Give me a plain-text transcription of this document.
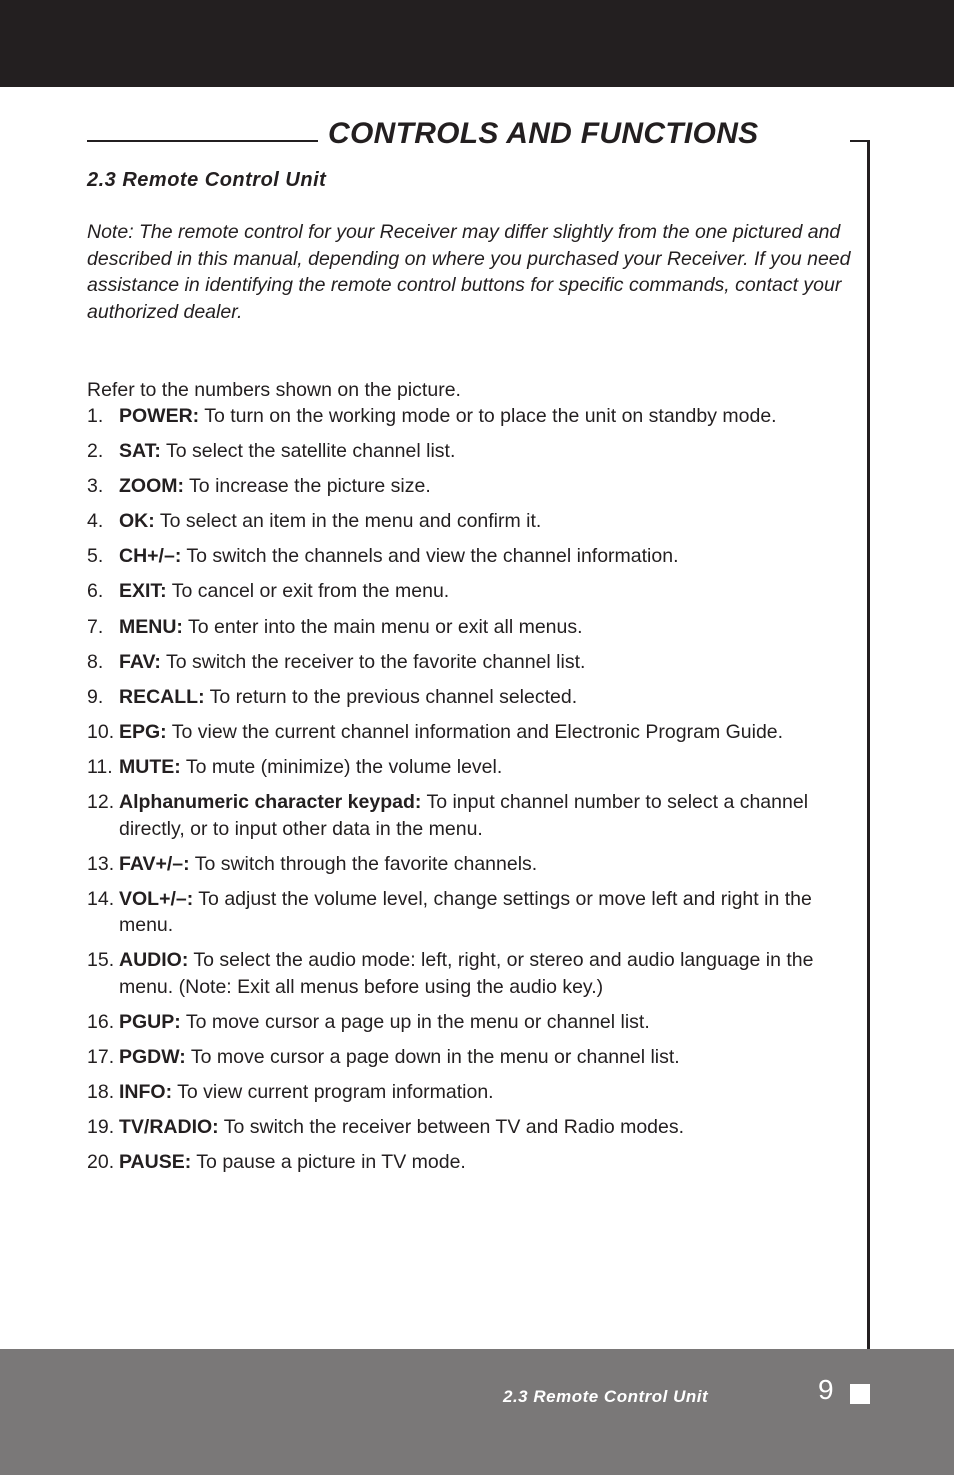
CONTROLS AND FUNCTIONS
2.3 Remote Control Unit

Note: The remote control for your Receiver may differ slightly from the one pictured and described in this manual, depending on where you purchased your Receiver. If you need assistance in identifying the remote control buttons for specific commands, contact your authorized dealer.

Refer to the numbers shown on the picture.

1. POWER: To turn on the working mode or to place the unit on standby mode.
2. SAT: To select the satellite channel list.
3. ZOOM: To increase the picture size.
4. OK: To select an item in the menu and confirm it.
5. CH+/–: To switch the channels and view the channel information.
6. EXIT: To cancel or exit from the menu.
7. MENU: To enter into the main menu or exit all menus.
8. FAV: To switch the receiver to the favorite channel list.
9. RECALL: To return to the previous channel selected.
10. EPG: To view the current channel information and Electronic Program Guide.
11. MUTE: To mute (minimize) the volume level.
12. Alphanumeric character keypad: To input channel number to select a channel directly, or to input other data in the menu.
13. FAV+/–: To switch through the favorite channels.
14. VOL+/–: To adjust the volume level, change settings or move left and right in the menu.
15. AUDIO: To select the audio mode: left, right, or stereo and audio language in the menu. (Note: Exit all menus before using the audio key.)
16. PGUP: To move cursor a page up in the menu or channel list.
17. PGDW: To move cursor a page down in the menu or channel list.
18. INFO: To view current program information.
19. TV/RADIO: To switch the receiver between TV and Radio modes.
20. PAUSE: To pause a picture in TV mode.
2.3 Remote Control Unit	9
